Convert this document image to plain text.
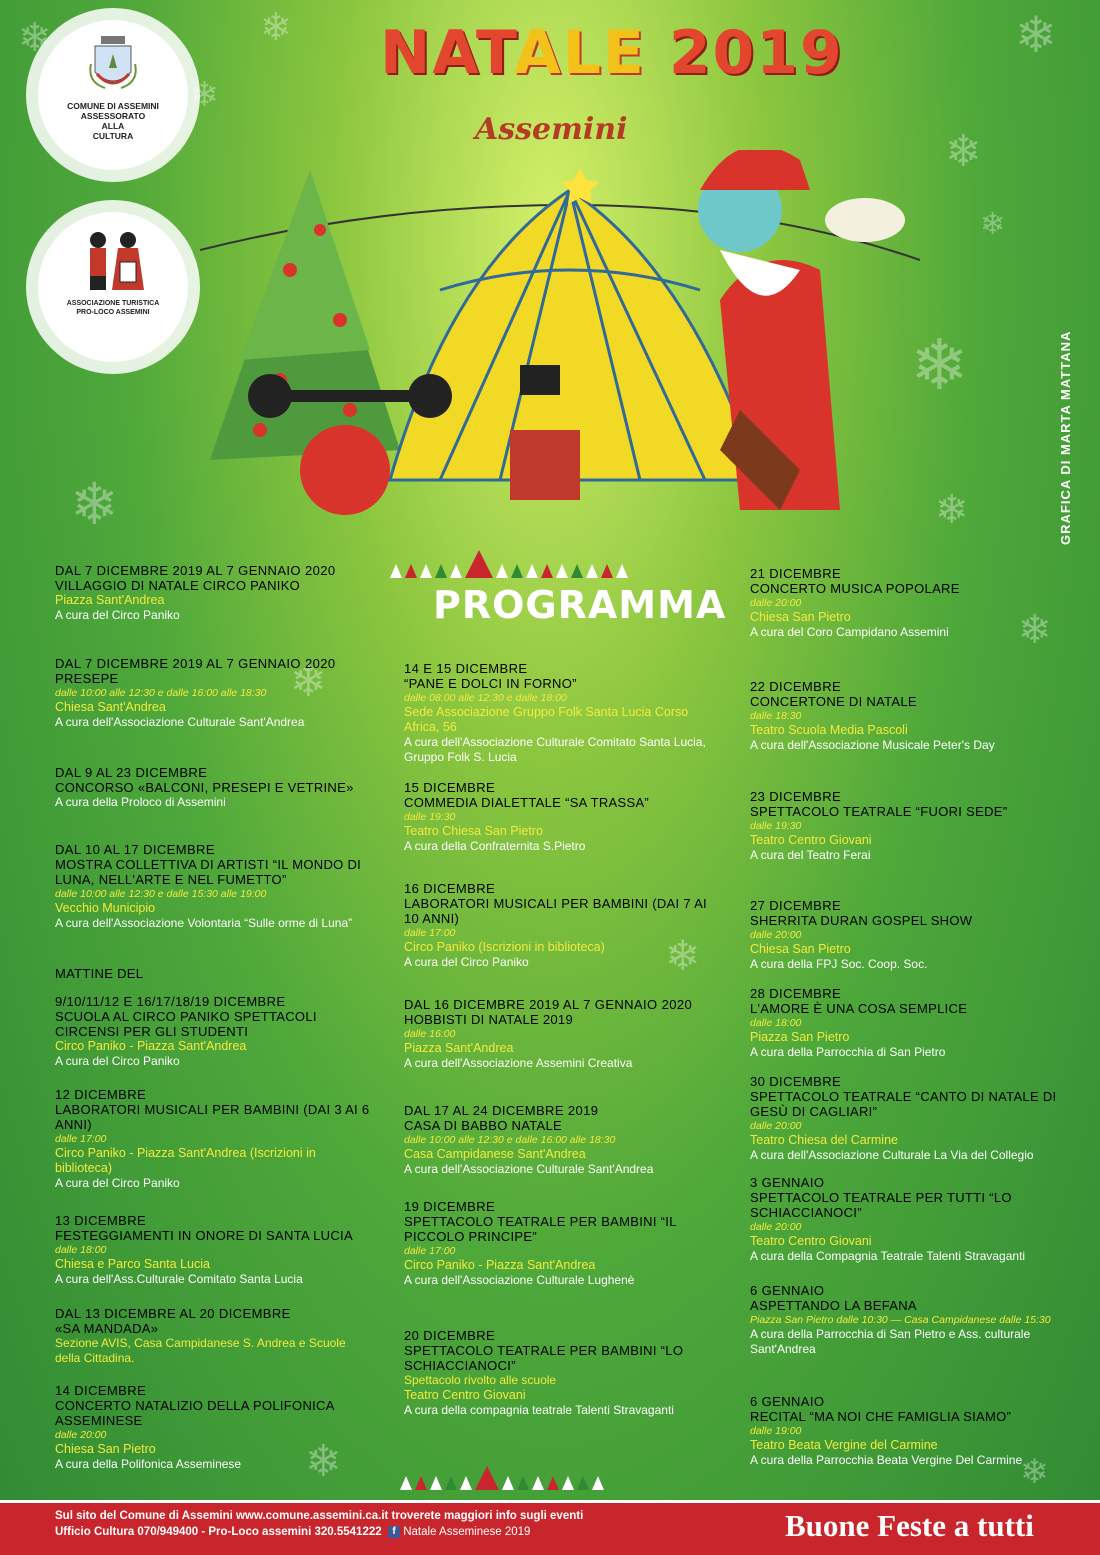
❄	❄
❄
❄
❄
❄
❄
❄	❄
❄
❄
❄
❄	❄
COMUNE DI ASSEMINI
ASSESSORATO
ALLA
CULTURA
ASSOCIAZIONE TURISTICA
PRO-LOCO ASSEMINI
NATALE 2019
Assemini
GRAFICA DI MARTA MATTANA
PROGRAMMA
DAL 7 DICEMBRE 2019 AL 7 GENNAIO 2020
VILLAGGIO DI NATALE CIRCO PANIKO
Piazza Sant'Andrea
A cura del Circo Paniko
DAL 7 DICEMBRE 2019 AL 7 GENNAIO 2020
PRESEPE
dalle 10:00 alle 12:30 e dalle 16:00 alle 18:30
Chiesa Sant'Andrea
A cura dell'Associazione Culturale Sant'Andrea
DAL 9 AL 23 DICEMBRE
CONCORSO «BALCONI, PRESEPI E VETRINE»
A cura della Proloco di Assemini
DAL 10 AL 17 DICEMBRE
MOSTRA COLLETTIVA DI ARTISTI “IL MONDO DI LUNA, NELL'ARTE E NEL FUMETTO”
dalle 10:00 alle 12:30 e dalle 15:30 alle 19:00
Vecchio Municipio
A cura dell'Associazione Volontaria “Sulle orme di Luna”
MATTINE DEL
9/10/11/12 E 16/17/18/19 DICEMBRE
SCUOLA AL CIRCO PANIKO SPETTACOLI CIRCENSI PER GLI STUDENTI
Circo Paniko - Piazza Sant'Andrea
A cura del Circo Paniko
12 DICEMBRE
LABORATORI MUSICALI PER BAMBINI (DAI 3 AI 6 ANNI)
dalle 17:00
Circo Paniko - Piazza Sant'Andrea (Iscrizioni in biblioteca)
A cura del Circo Paniko
13 DICEMBRE
FESTEGGIAMENTI IN ONORE DI SANTA LUCIA
dalle 18:00
Chiesa e Parco Santa Lucia
A cura dell'Ass.Culturale Comitato Santa Lucia
DAL 13 DICEMBRE AL 20 DICEMBRE
«SA MANDADA»
Sezione AVIS, Casa Campidanese S. Andrea e Scuole della Cittadina.
14 DICEMBRE
CONCERTO NATALIZIO DELLA POLIFONICA ASSEMINESE
dalle 20:00
Chiesa San Pietro
A cura della Polifonica Asseminese
14 E 15 DICEMBRE
“PANE E DOLCI IN FORNO”
dalle 08:00 alle 12:30 e dalle 18:00
Sede Associazione Gruppo Folk Santa Lucia Corso Africa, 56
A cura dell'Associazione Culturale Comitato Santa Lucia, Gruppo Folk S. Lucia
15 DICEMBRE
COMMEDIA DIALETTALE “SA TRASSA”
dalle 19:30
Teatro Chiesa San Pietro
A cura della Confraternita S.Pietro
16 DICEMBRE
LABORATORI MUSICALI PER BAMBINI (DAI 7 AI 10 ANNI)
dalle 17:00
Circo Paniko (Iscrizioni in biblioteca)
A cura del Circo Paniko
DAL 16 DICEMBRE 2019 AL 7 GENNAIO 2020
HOBBISTI DI NATALE 2019
dalle 16:00
Piazza Sant'Andrea
A cura dell'Associazione Assemini Creativa
DAL 17 AL 24 DICEMBRE 2019
CASA DI BABBO NATALE
dalle 10:00 alle 12:30 e dalle 16:00 alle 18:30
Casa Campidanese Sant'Andrea
A cura dell'Associazione Culturale Sant'Andrea
19 DICEMBRE
SPETTACOLO TEATRALE PER BAMBINI “IL PICCOLO PRINCIPE”
dalle 17:00
Circo Paniko - Piazza Sant'Andrea
A cura dell'Associazione Culturale Lughenè
20 DICEMBRE
SPETTACOLO TEATRALE PER BAMBINI “LO SCHIACCIANOCI”
Spettacolo rivolto alle scuole
Teatro Centro Giovani
A cura della compagnia teatrale Talenti Stravaganti
21 DICEMBRE
CONCERTO MUSICA POPOLARE
dalle 20:00
Chiesa San Pietro
A cura del Coro Campidano Assemini
22 DICEMBRE
CONCERTONE DI NATALE
dalle 18:30
Teatro Scuola Media Pascoli
A cura dell'Associazione Musicale Peter's Day
23 DICEMBRE
SPETTACOLO TEATRALE “FUORI SEDE”
dalle 19:30
Teatro Centro Giovani
A cura del Teatro Ferai
27 DICEMBRE
SHERRITA DURAN GOSPEL SHOW
dalle 20:00
Chiesa San Pietro
A cura della FPJ Soc. Coop. Soc.
28 DICEMBRE
L'AMORE È UNA COSA SEMPLICE
dalle 18:00
Piazza San Pietro
A cura della Parrocchia di San Pietro
30 DICEMBRE
SPETTACOLO TEATRALE “CANTO DI NATALE DI GESÙ DI CAGLIARI”
dalle 20:00
Teatro Chiesa del Carmine
A cura dell'Associazione Culturale La Via del Collegio
3 GENNAIO
SPETTACOLO TEATRALE PER TUTTI “LO SCHIACCIANOCI”
dalle 20:00
Teatro Centro Giovani
A cura della Compagnia Teatrale Talenti Stravaganti
6 GENNAIO
ASPETTANDO LA BEFANA
Piazza San Pietro dalle 10:30 — Casa Campidanese dalle 15:30
A cura della Parrocchia di San Pietro e Ass. culturale Sant'Andrea
6 GENNAIO
RECITAL “MA NOI CHE FAMIGLIA SIAMO”
dalle 19:00
Teatro Beata Vergine del Carmine
A cura della Parrocchia Beata Vergine Del Carmine
Sul sito del Comune di Assemini www.comune.assemini.ca.it troverete maggiori info sugli eventi
Ufficio Cultura 070/949400 - Pro-Loco assemini 320.5541222 f Natale Asseminese 2019	Buone Feste a tutti
